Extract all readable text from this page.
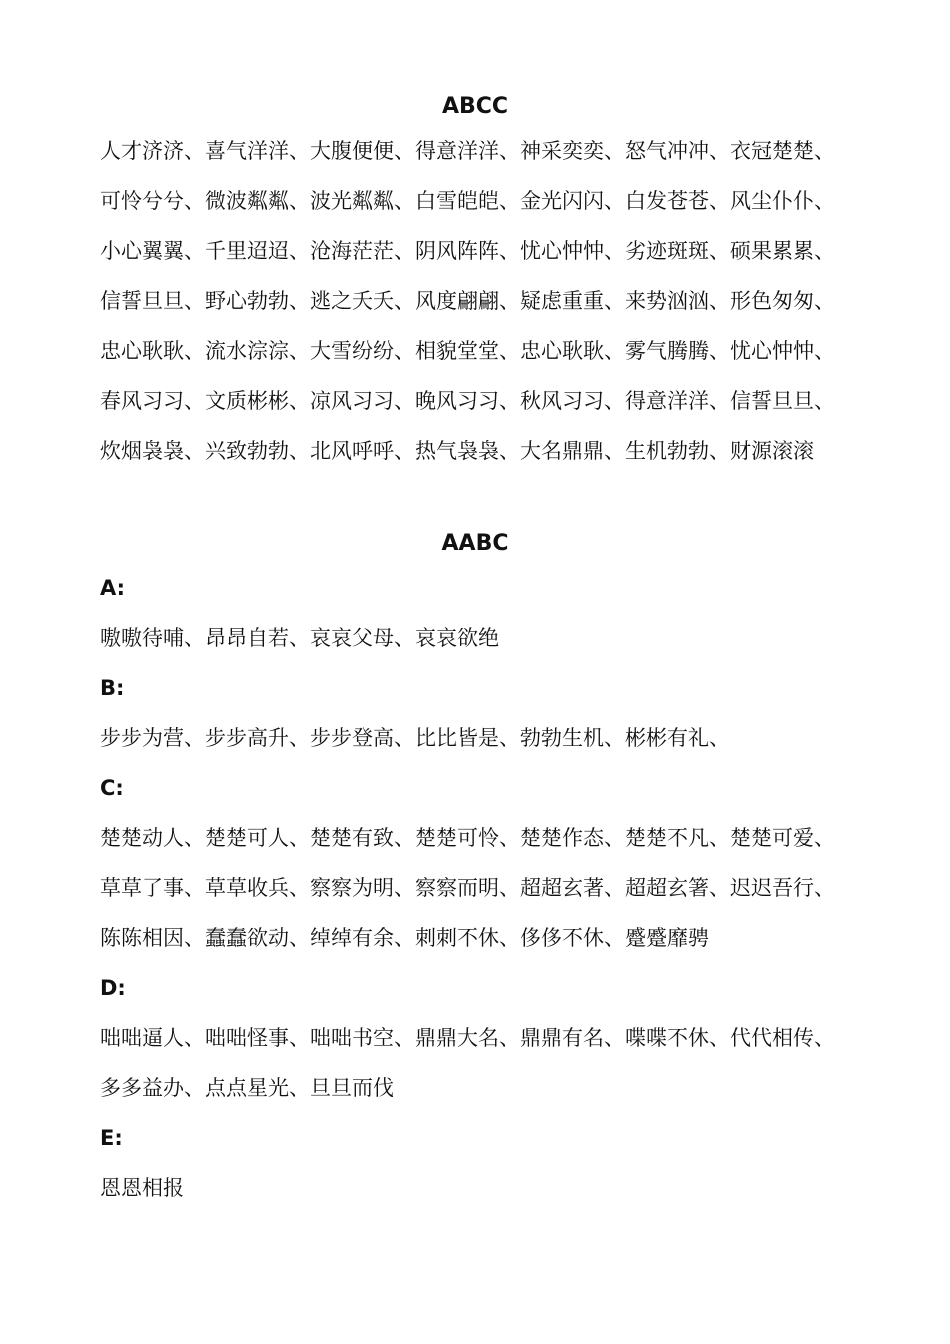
ABCC
人才济济、喜气洋洋、大腹便便、得意洋洋、神采奕奕、怒气冲冲、衣冠楚楚、
可怜兮兮、微波粼粼、波光粼粼、白雪皑皑、金光闪闪、白发苍苍、风尘仆仆、
小心翼翼、千里迢迢、沧海茫茫、阴风阵阵、忧心忡忡、劣迹斑斑、硕果累累、
信誓旦旦、野心勃勃、逃之夭夭、风度翩翩、疑虑重重、来势汹汹、形色匆匆、
忠心耿耿、流水淙淙、大雪纷纷、相貌堂堂、忠心耿耿、雾气腾腾、忧心忡忡、
春风习习、文质彬彬、凉风习习、晚风习习、秋风习习、得意洋洋、信誓旦旦、
炊烟袅袅、兴致勃勃、北风呼呼、热气袅袅、大名鼎鼎、生机勃勃、财源滚滚
AABC
A:
嗷嗷待哺、昂昂自若、哀哀父母、哀哀欲绝
B:
步步为营、步步高升、步步登高、比比皆是、勃勃生机、彬彬有礼、
C:
楚楚动人、楚楚可人、楚楚有致、楚楚可怜、楚楚作态、楚楚不凡、楚楚可爱、
草草了事、草草收兵、察察为明、察察而明、超超玄著、超超玄箸、迟迟吾行、
陈陈相因、蠢蠢欲动、绰绰有余、刺刺不休、侈侈不休、蹙蹙靡骋
D:
咄咄逼人、咄咄怪事、咄咄书空、鼎鼎大名、鼎鼎有名、喋喋不休、代代相传、
多多益办、点点星光、旦旦而伐
E:
恩恩相报
